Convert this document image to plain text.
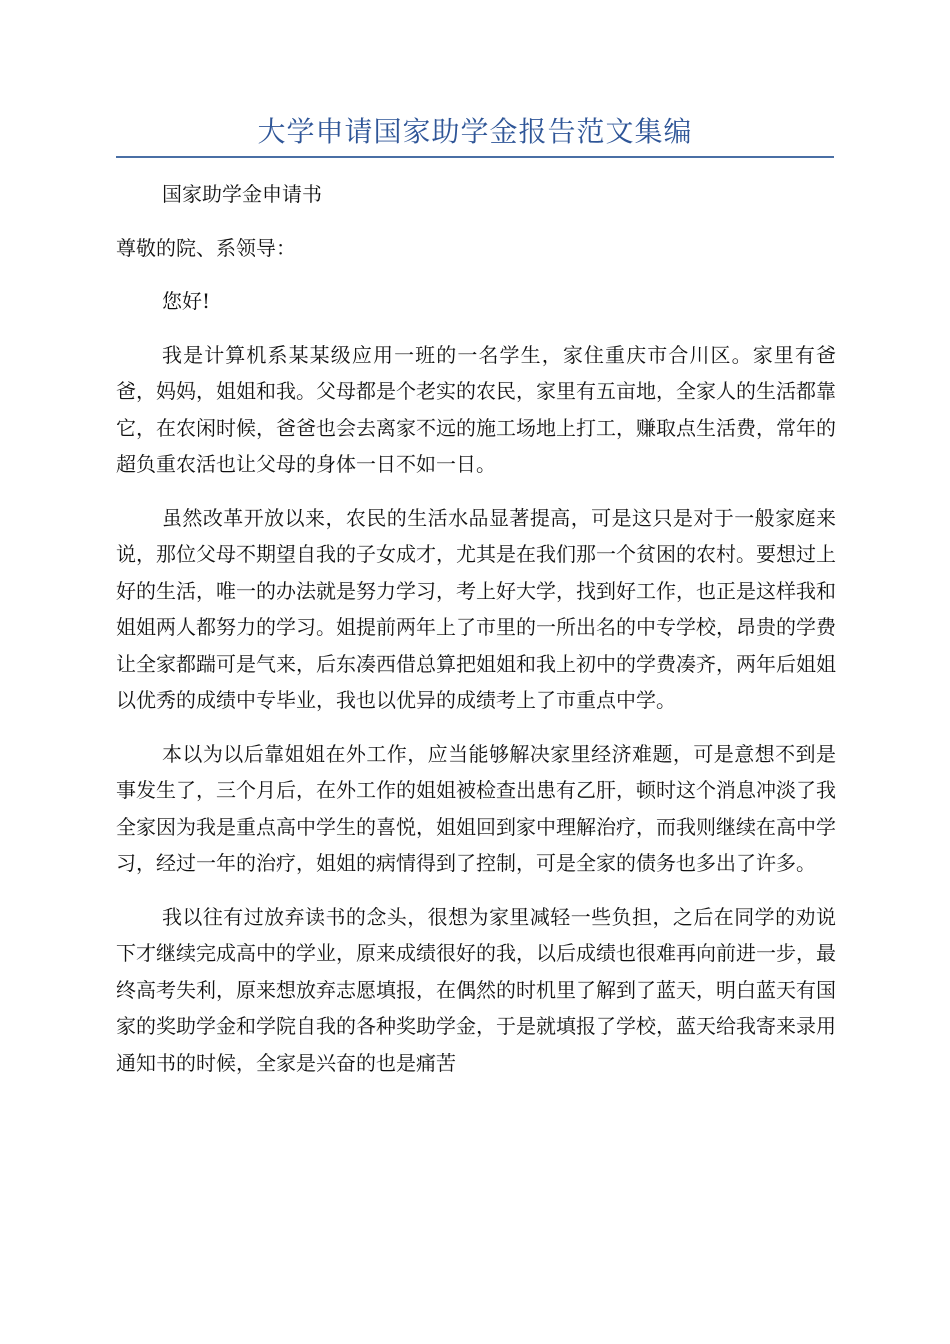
大学申请国家助学金报告范文集编

国家助学金申请书

尊敬的院、系领导：

您好!

我是计算机系某某级应用一班的一名学生，家住重庆市合川区。家里有爸爸，妈妈，姐姐和我。父母都是个老实的农民，家里有五亩地，全家人的生活都靠它，在农闲时候，爸爸也会去离家不远的施工场地上打工，赚取点生活费，常年的超负重农活也让父母的身体一日不如一日。

虽然改革开放以来，农民的生活水品显著提高，可是这只是对于一般家庭来说，那位父母不期望自我的子女成才，尤其是在我们那一个贫困的农村。要想过上好的生活，唯一的办法就是努力学习，考上好大学，找到好工作，也正是这样我和姐姐两人都努力的学习。姐提前两年上了市里的一所出名的中专学校，昂贵的学费让全家都踹可是气来，后东凑西借总算把姐姐和我上初中的学费凑齐，两年后姐姐以优秀的成绩中专毕业，我也以优异的成绩考上了市重点中学。

本以为以后靠姐姐在外工作，应当能够解决家里经济难题，可是意想不到是事发生了，三个月后，在外工作的姐姐被检查出患有乙肝，顿时这个消息冲淡了我全家因为我是重点高中学生的喜悦，姐姐回到家中理解治疗，而我则继续在高中学习，经过一年的治疗，姐姐的病情得到了控制，可是全家的债务也多出了许多。

我以往有过放弃读书的念头，很想为家里减轻一些负担，之后在同学的劝说下才继续完成高中的学业，原来成绩很好的我，以后成绩也很难再向前进一步，最终高考失利，原来想放弃志愿填报，在偶然的时机里了解到了蓝天，明白蓝天有国家的奖助学金和学院自我的各种奖助学金，于是就填报了学校，蓝天给我寄来录用通知书的时候，全家是兴奋的也是痛苦
